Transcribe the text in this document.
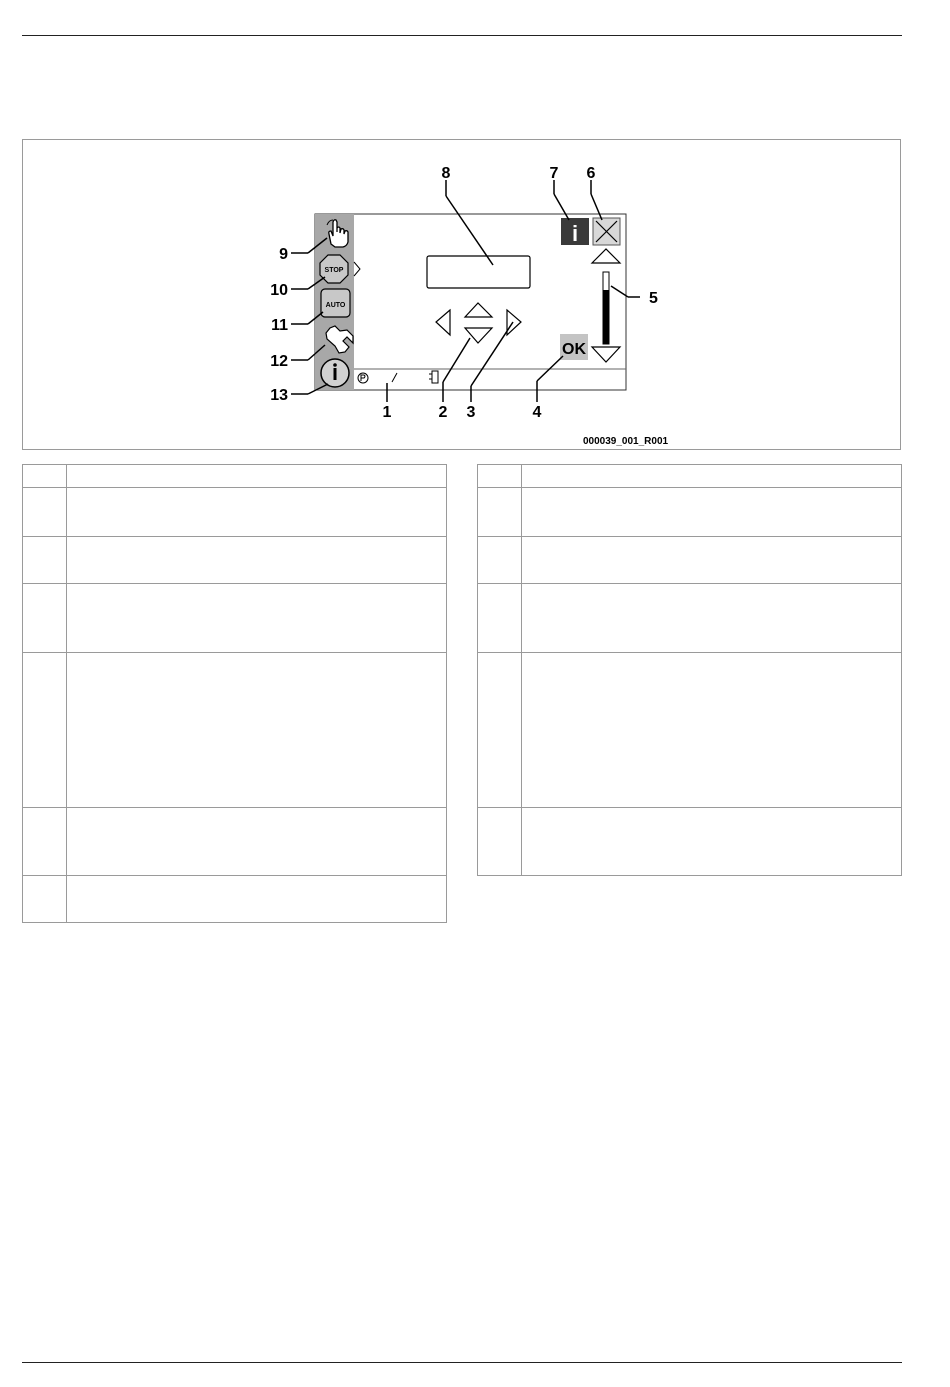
STOP
AUTO
OK
i
1	2 3	4
5
6
7
8
9
10
11
12
13
000039_001_R001
